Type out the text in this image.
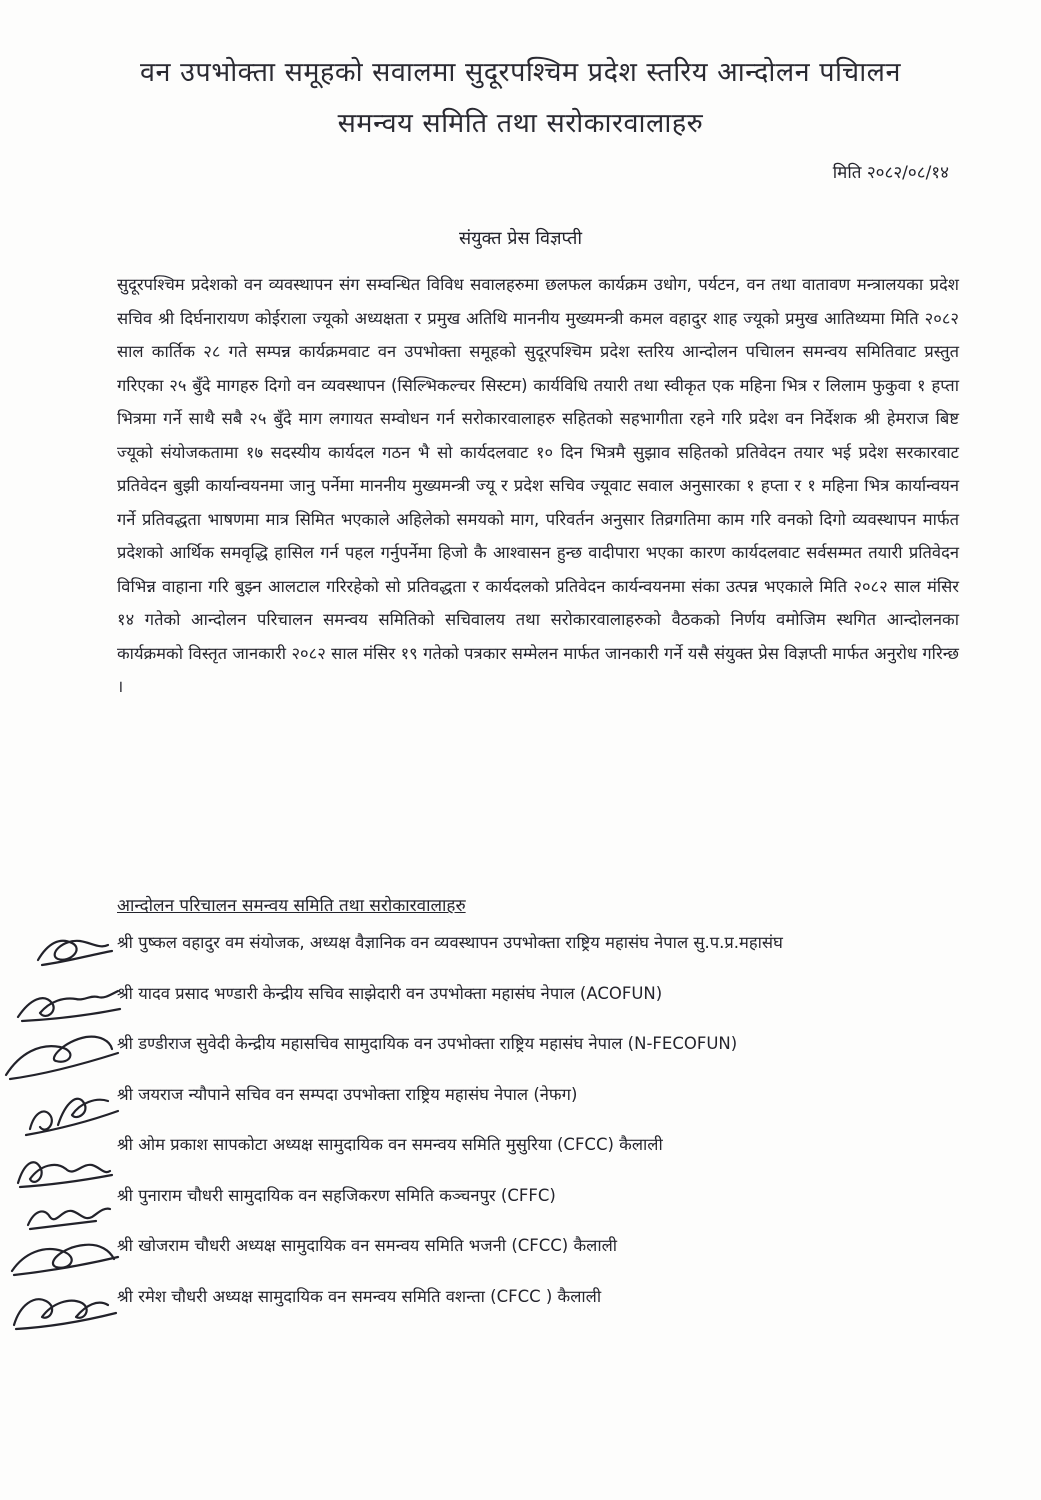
वन उपभोक्ता समूहको सवालमा सुदूरपश्चिम प्रदेश स्तरिय आन्दोलन पचिालन
समन्वय समिति तथा सरोकारवालाहरु
मिति २०८२/०८/१४
संयुक्त प्रेस विज्ञप्ती

सुदूरपश्चिम प्रदेशको वन व्यवस्थापन संग सम्वन्धित विविध सवालहरुमा छलफल कार्यक्रम उधोग, पर्यटन, वन तथा वातावण मन्त्रालयका प्रदेश सचिव श्री दिर्घनारायण कोईराला ज्यूको अध्यक्षता र प्रमुख अतिथि माननीय मुख्यमन्त्री कमल वहादुर शाह ज्यूको प्रमुख आतिथ्यमा मिति २०८२ साल कार्तिक २८ गते सम्पन्न कार्यक्रमवाट वन उपभोक्ता समूहको सुदूरपश्चिम प्रदेश स्तरिय आन्दोलन पचिालन समन्वय समितिवाट प्रस्तुत गरिएका २५ बुँदे मागहरु दिगो वन व्यवस्थापन (सिल्भिकल्चर सिस्टम) कार्यविधि तयारी तथा स्वीकृत एक महिना भित्र र लिलाम फुकुवा १ हप्ता भित्रमा गर्ने साथै सबै २५ बुँदे माग लगायत सम्वोधन गर्न सरोकारवालाहरु सहितको सहभागीता रहने गरि प्रदेश वन निर्देशक श्री हेमराज बिष्ट ज्यूको संयोजकतामा १७ सदस्यीय कार्यदल गठन भै सो कार्यदलवाट १० दिन भित्रमै सुझाव सहितको प्रतिवेदन तयार भई प्रदेश सरकारवाट प्रतिवेदन बुझी कार्यान्वयनमा जानु पर्नेमा माननीय मुख्यमन्त्री ज्यू र प्रदेश सचिव ज्यूवाट सवाल अनुसारका १ हप्ता र १ महिना भित्र कार्यान्वयन गर्ने प्रतिवद्धता भाषणमा मात्र सिमित भएकाले अहिलेको समयको माग, परिवर्तन अनुसार तिव्रगतिमा काम गरि वनको दिगो व्यवस्थापन मार्फत प्रदेशको आर्थिक समवृद्धि हासिल गर्न पहल गर्नुपर्नेमा हिजो कै आश्वासन हुन्छ वादीपारा भएका कारण कार्यदलवाट सर्वसम्मत तयारी प्रतिवेदन विभिन्न वाहाना गरि बुझ्न आलटाल गरिरहेको सो प्रतिवद्धता र कार्यदलको प्रतिवेदन कार्यन्वयनमा संका उत्पन्न भएकाले मिति २०८२ साल मंसिर १४ गतेको आन्दोलन परिचालन समन्वय समितिको सचिवालय तथा सरोकारवालाहरुको वैठकको निर्णय वमोजिम स्थगित आन्दोलनका कार्यक्रमको विस्तृत जानकारी २०८२ साल मंसिर १९ गतेको पत्रकार सम्मेलन मार्फत जानकारी गर्ने यसै संयुक्त प्रेस विज्ञप्ती मार्फत अनुरोध गरिन्छ ।

आन्दोलन परिचालन समन्वय समिति तथा सरोकारवालाहरु
श्री पुष्कल वहादुर वम संयोजक, अध्यक्ष वैज्ञानिक वन व्यवस्थापन उपभोक्ता राष्ट्रिय महासंघ नेपाल सु.प.प्र.महासंघ
श्री यादव प्रसाद भण्डारी केन्द्रीय सचिव साझेदारी वन उपभोक्ता महासंघ नेपाल (ACOFUN)
श्री डण्डीराज सुवेदी केन्द्रीय महासचिव सामुदायिक वन उपभोक्ता राष्ट्रिय महासंघ नेपाल (N-FECOFUN)
श्री जयराज न्यौपाने सचिव वन सम्पदा उपभोक्ता राष्ट्रिय महासंघ नेपाल (नेफग)
श्री ओम प्रकाश सापकोटा अध्यक्ष सामुदायिक वन समन्वय समिति मुसुरिया (CFCC) कैलाली
श्री पुनाराम चौधरी सामुदायिक वन सहजिकरण समिति कञ्चनपुर (CFFC)
श्री खोजराम चौधरी अध्यक्ष सामुदायिक वन समन्वय समिति भजनी (CFCC) कैलाली
श्री रमेश चौधरी अध्यक्ष सामुदायिक वन समन्वय समिति वशन्ता (CFCC ) कैलाली
